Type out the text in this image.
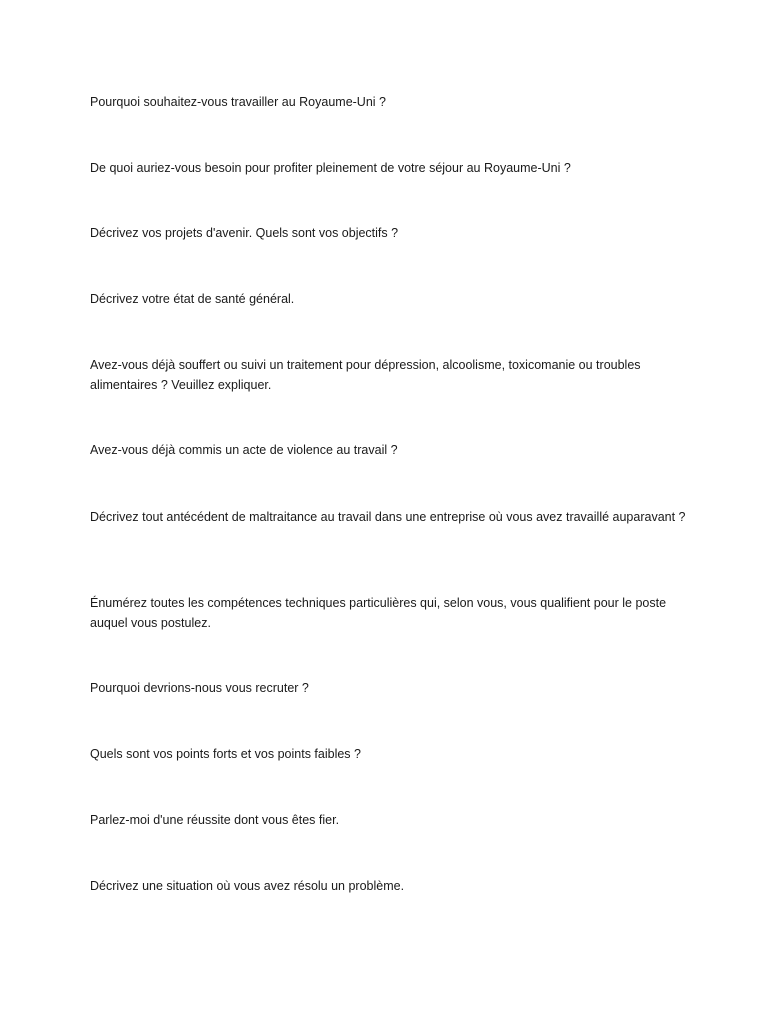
Pourquoi souhaitez-vous travailler au Royaume-Uni ?

De quoi auriez-vous besoin pour profiter pleinement de votre séjour au Royaume-Uni ?

Décrivez vos projets d'avenir. Quels sont vos objectifs ?

Décrivez votre état de santé général.

Avez-vous déjà souffert ou suivi un traitement pour dépression, alcoolisme, toxicomanie ou troubles alimentaires ? Veuillez expliquer.

Avez-vous déjà commis un acte de violence au travail ?

Décrivez tout antécédent de maltraitance au travail dans une entreprise où vous avez travaillé auparavant ?

Énumérez toutes les compétences techniques particulières qui, selon vous, vous qualifient pour le poste auquel vous postulez.

Pourquoi devrions-nous vous recruter ?

Quels sont vos points forts et vos points faibles ?

Parlez-moi d'une réussite dont vous êtes fier.

Décrivez une situation où vous avez résolu un problème.
